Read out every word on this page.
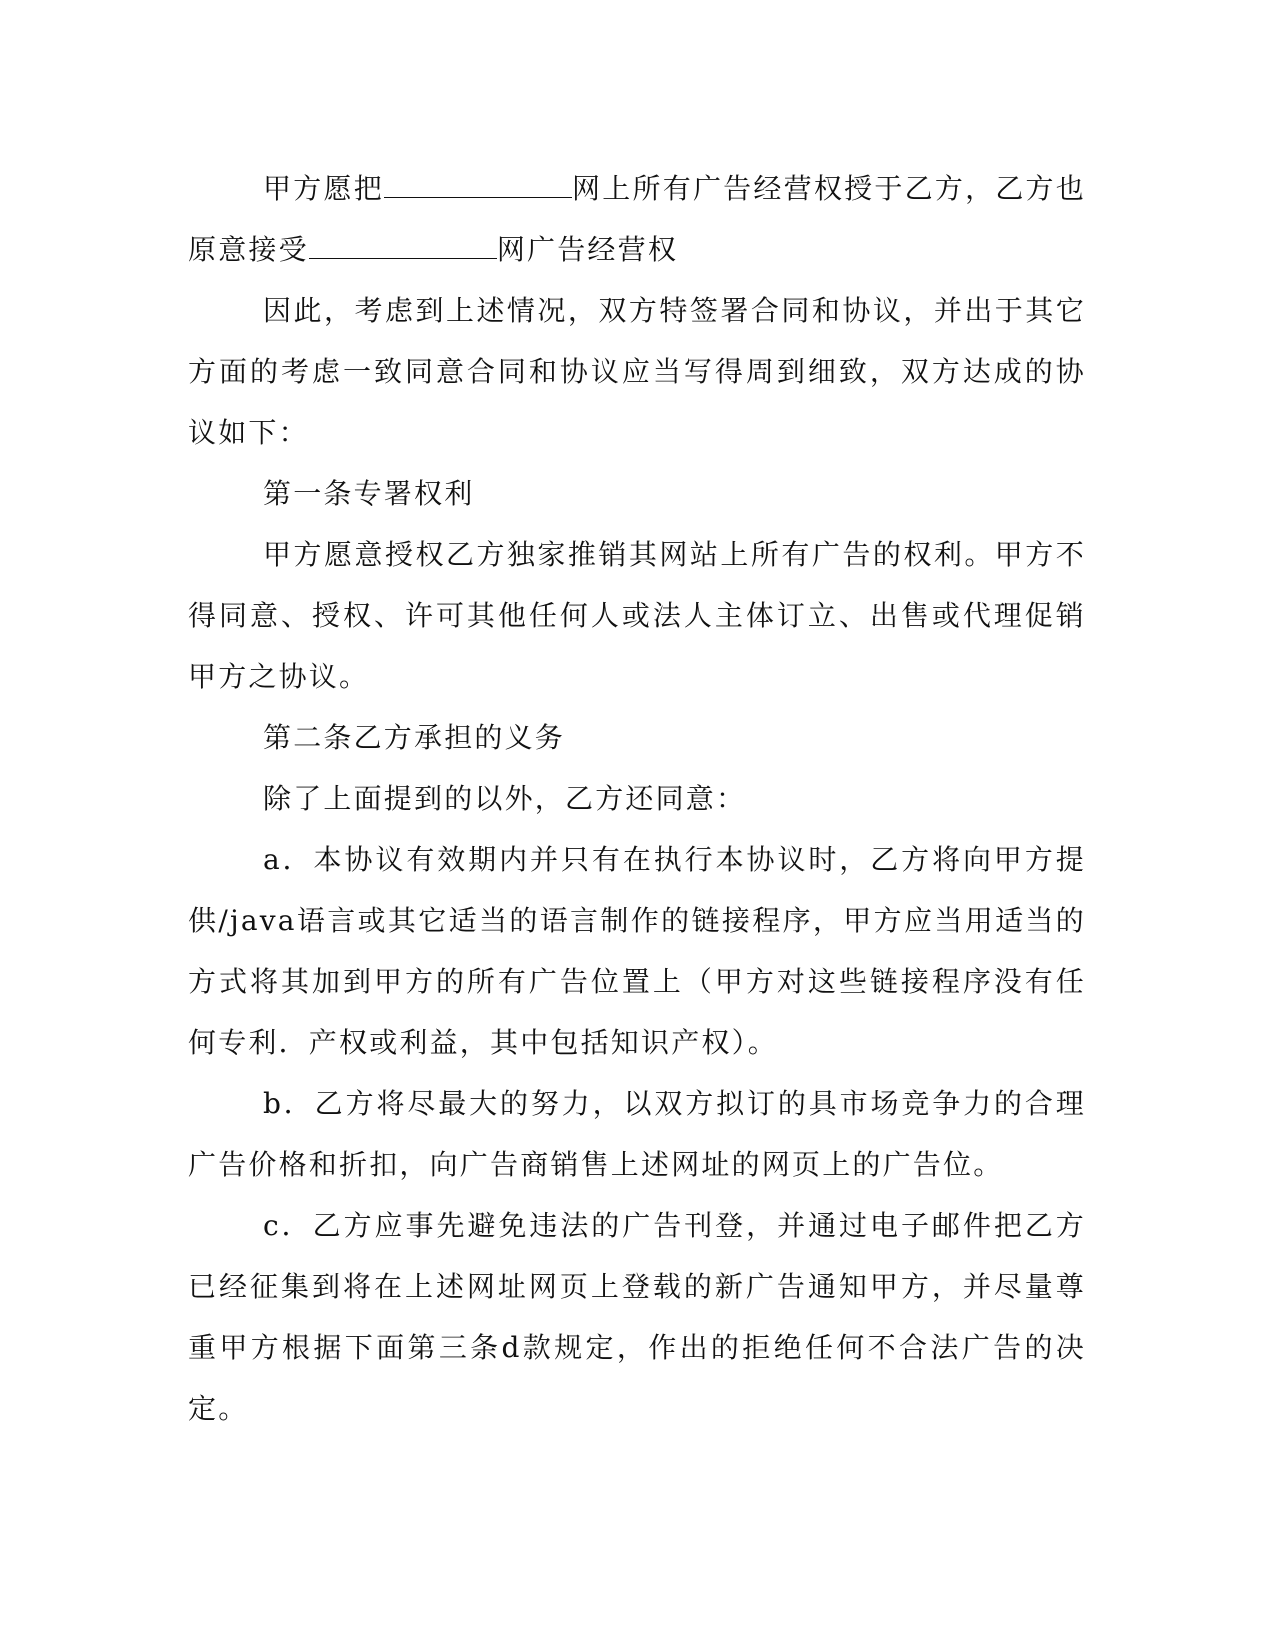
甲方愿把	网上所有广告经营权授于乙方，乙方也原意接受	网广告经营权

因此，考虑到上述情况，双方特签署合同和协议，并出于其它方面的考虑一致同意合同和协议应当写得周到细致，双方达成的协议如下：

第一条专署权利

甲方愿意授权乙方独家推销其网站上所有广告的权利。甲方不得同意、授权、许可其他任何人或法人主体订立、出售或代理促销甲方之协议。

第二条乙方承担的义务

除了上面提到的以外，乙方还同意：

a．本协议有效期内并只有在执行本协议时，乙方将向甲方提供/java语言或其它适当的语言制作的链接程序，甲方应当用适当的方式将其加到甲方的所有广告位置上（甲方对这些链接程序没有任何专利．产权或利益，其中包括知识产权）。

b．乙方将尽最大的努力，以双方拟订的具市场竞争力的合理广告价格和折扣，向广告商销售上述网址的网页上的广告位。

c．乙方应事先避免违法的广告刊登，并通过电子邮件把乙方已经征集到将在上述网址网页上登载的新广告通知甲方，并尽量尊重甲方根据下面第三条d款规定，作出的拒绝任何不合法广告的决定。
